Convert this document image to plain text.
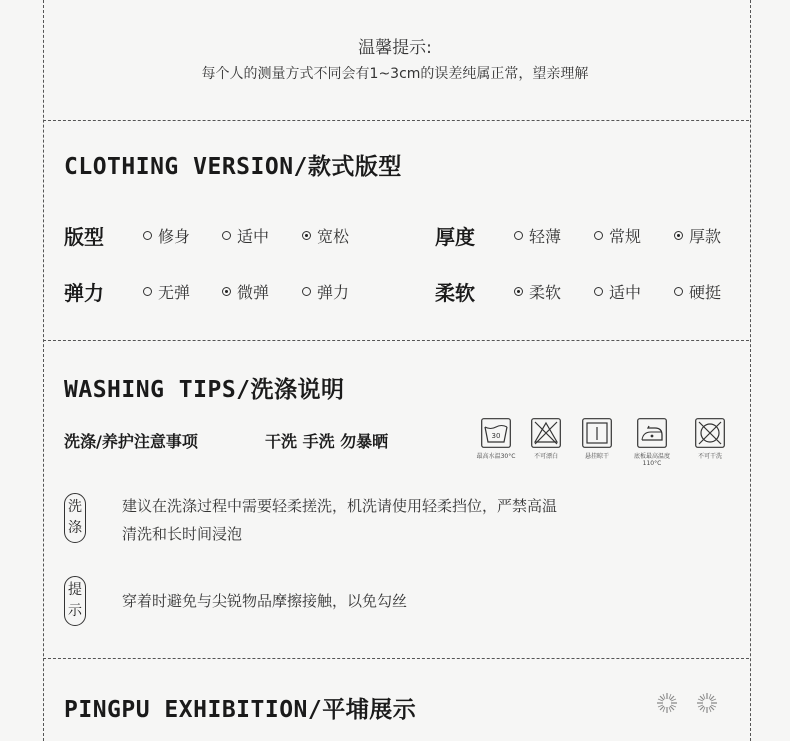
温馨提示:
每个人的测量方式不同会有1~3cm的误差纯属正常，望亲理解
CLOTHING VERSION/款式版型
版型	修身	适中	宽松	厚度	轻薄	常规	厚款
弹力	无弹	微弹	弹力	柔软	柔软	适中	硬挺
WASHING TIPS/洗涤说明
洗涤/养护注意事项	干洗 手洗 勿暴晒	30
最高水温30°C	不可漂白	悬挂晾干	底板最高温度110°C
不可干洗
洗
涤
建议在洗涤过程中需要轻柔搓洗，机洗请使用轻柔挡位，严禁高温
清洗和长时间浸泡
提
示
穿着时避免与尖锐物品摩擦接触，以免勾丝
PINGPU EXHIBITION/平埔展示
